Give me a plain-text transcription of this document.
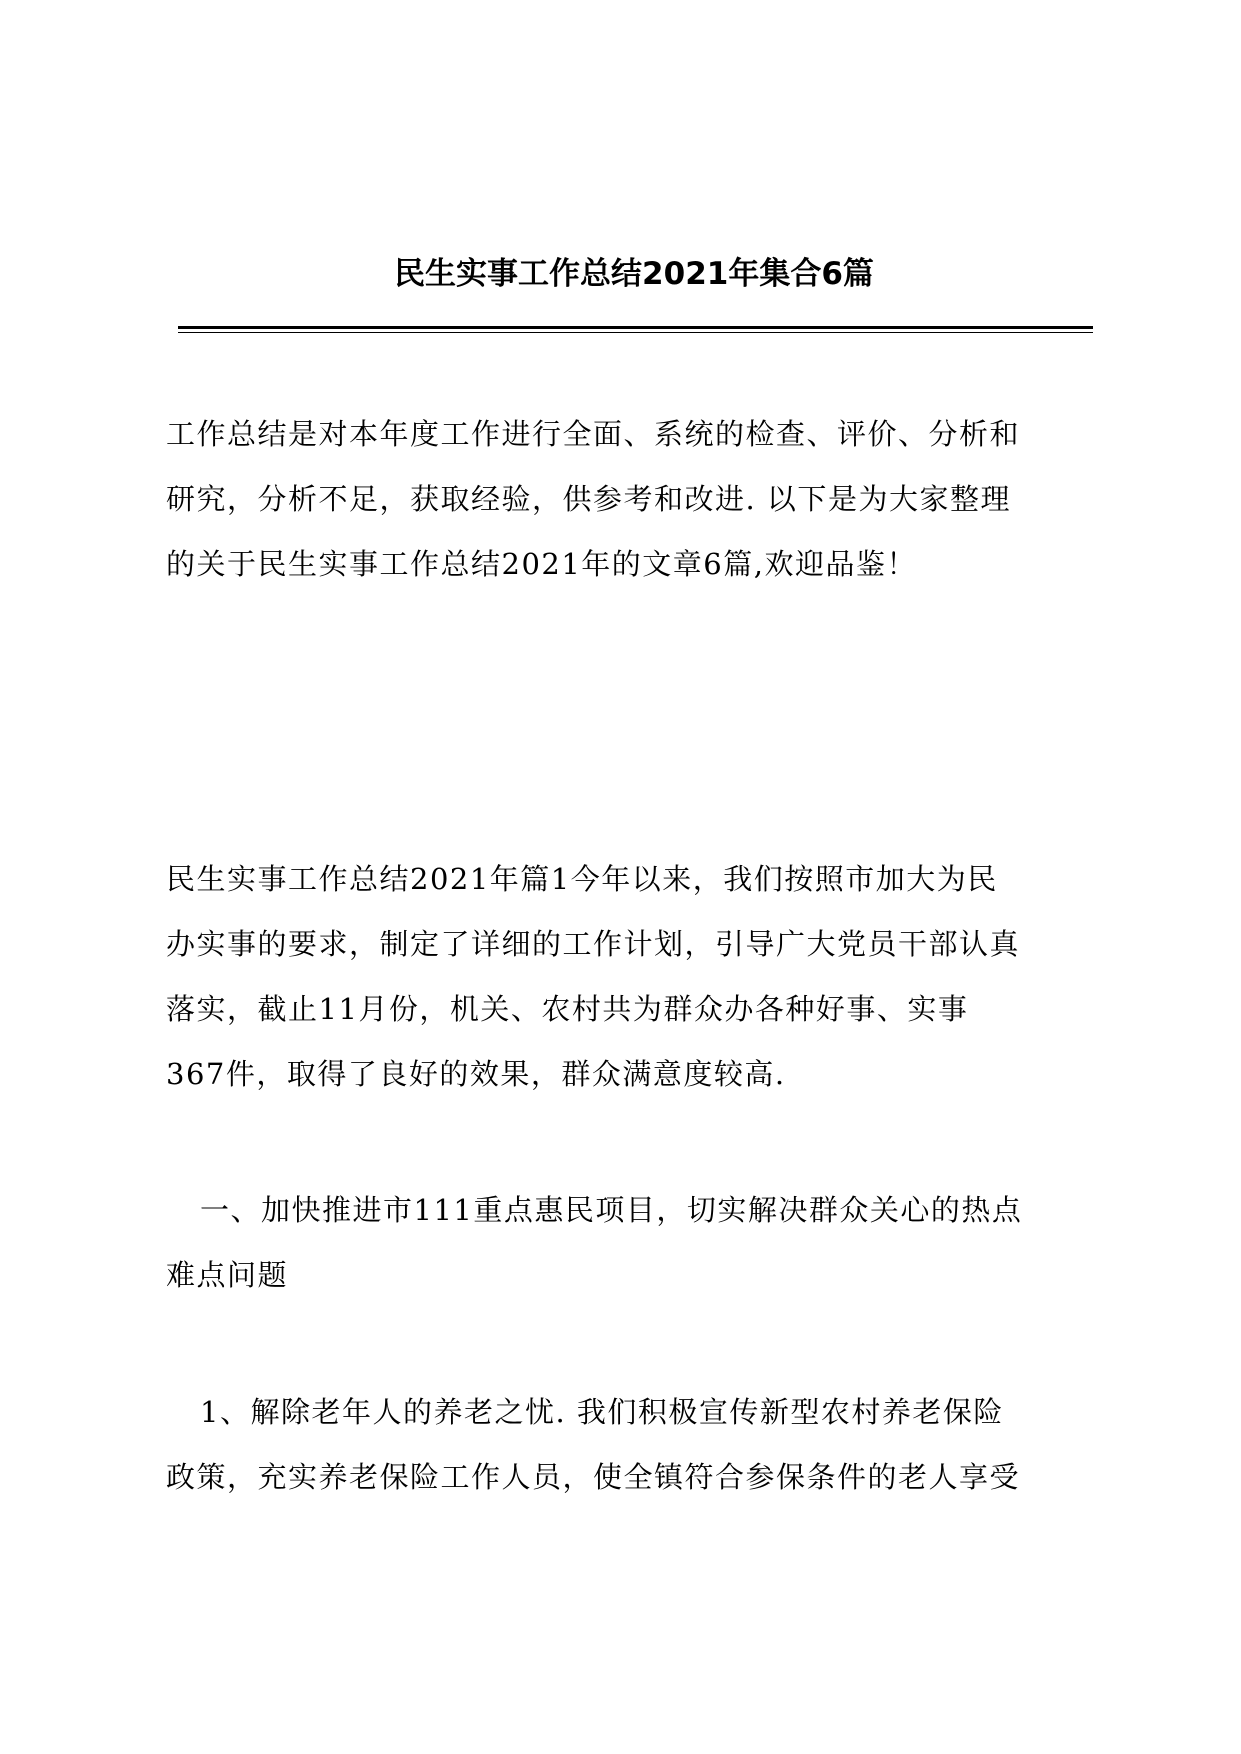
民生实事工作总结2021年集合6篇
工作总结是对本年度工作进行全面、系统的检查、评价、分析和
研究，分析不足，获取经验，供参考和改进. 以下是为大家整理
的关于民生实事工作总结2021年的文章6篇,欢迎品鉴！
民生实事工作总结2021年篇1今年以来，我们按照市加大为民
办实事的要求，制定了详细的工作计划，引导广大党员干部认真
落实，截止11月份，机关、农村共为群众办各种好事、实事
367件，取得了良好的效果，群众满意度较高.
一、加快推进市111重点惠民项目，切实解决群众关心的热点
难点问题
1、解除老年人的养老之忧. 我们积极宣传新型农村养老保险
政策，充实养老保险工作人员，使全镇符合参保条件的老人享受
